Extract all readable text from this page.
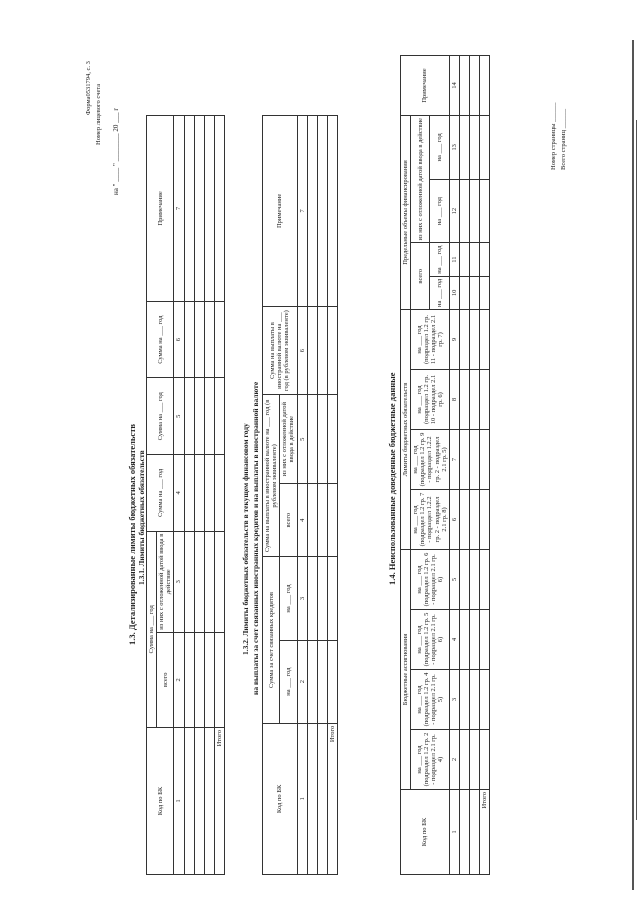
Форма0531794, с. 3 Номер лицевого счета
на " ____ " ________ 20 ___ г
1.3. Детализированные лимиты бюджетных обязательств 1.3.1. Лимиты бюджетных обязательств
Код по БК	Сумма на ___ год		Сумма на ___ год	Сумма на ___ год	Сумма на ___ год	Примечание
	всего	из них с отложенной датой ввода в действие				
1	2	3	4	5	6	7

Итого						
1.3.2. Лимиты бюджетных обязательств в текущем финансовом году на выплаты за счет связанных иностранных кредитов и на выплаты в иностранной валюте
Код по БК	Сумма за счет связанных кредитов		Сумма на выплаты в иностранной валюте на ___ год (в рублевом эквиваленте)		Сумма на выплаты в иностранной валюте на ___ год (в рублевом эквиваленте)	Примечание
	на ___ год	на ___ год	всего	из них с отложенной датой ввода в действие		

1	2	3	4	5	6	7

Итого						
1.4. Неиспользованные доведенные бюджетные данные
Код по БК	Бюджетные ассигнования				Лимиты бюджетных обязательств				Предельные объемы финансирования				Примечание
	на ___ год (подраздел 1.2 гр. 2 - подраздел 2.1 гр. 4)	на ___ год (подраздел 1.2 гр. 4 - подраздел 2.1 гр. 5)	на ___ год (подраздел 1.2 гр. 5 - подраздел 2.1 гр. 6)	на ___ год (подраздел 1.2 гр. 6 - подраздел 2.1 гр. 6)	на ___ год (подраздел 1.2 гр. 7 - подраздел 1.2.2 гр. 2 - подраздел 2.1 гр. 8)	на ___ год (подраздел 1.2 гр. 9 - подраздел 1.2.2 гр. 2 - подраздел 2.1 гр. 5)	на ___ год (подраздел 1.2 гр. 10 - подраздел 2.1 гр. 6)	на ___ год (подраздел 1.2 гр. 11 - подраздел 2.1 гр. 7)	всего		из них с отложенной датой ввода в действие		
									на ___ год	на ___ год	на ___ год	на ___ год	
1	2	3	4	5	6	7	8	9	10	11	12	13	14

Итого													
Номер страницы ______
Всего страниц ______
